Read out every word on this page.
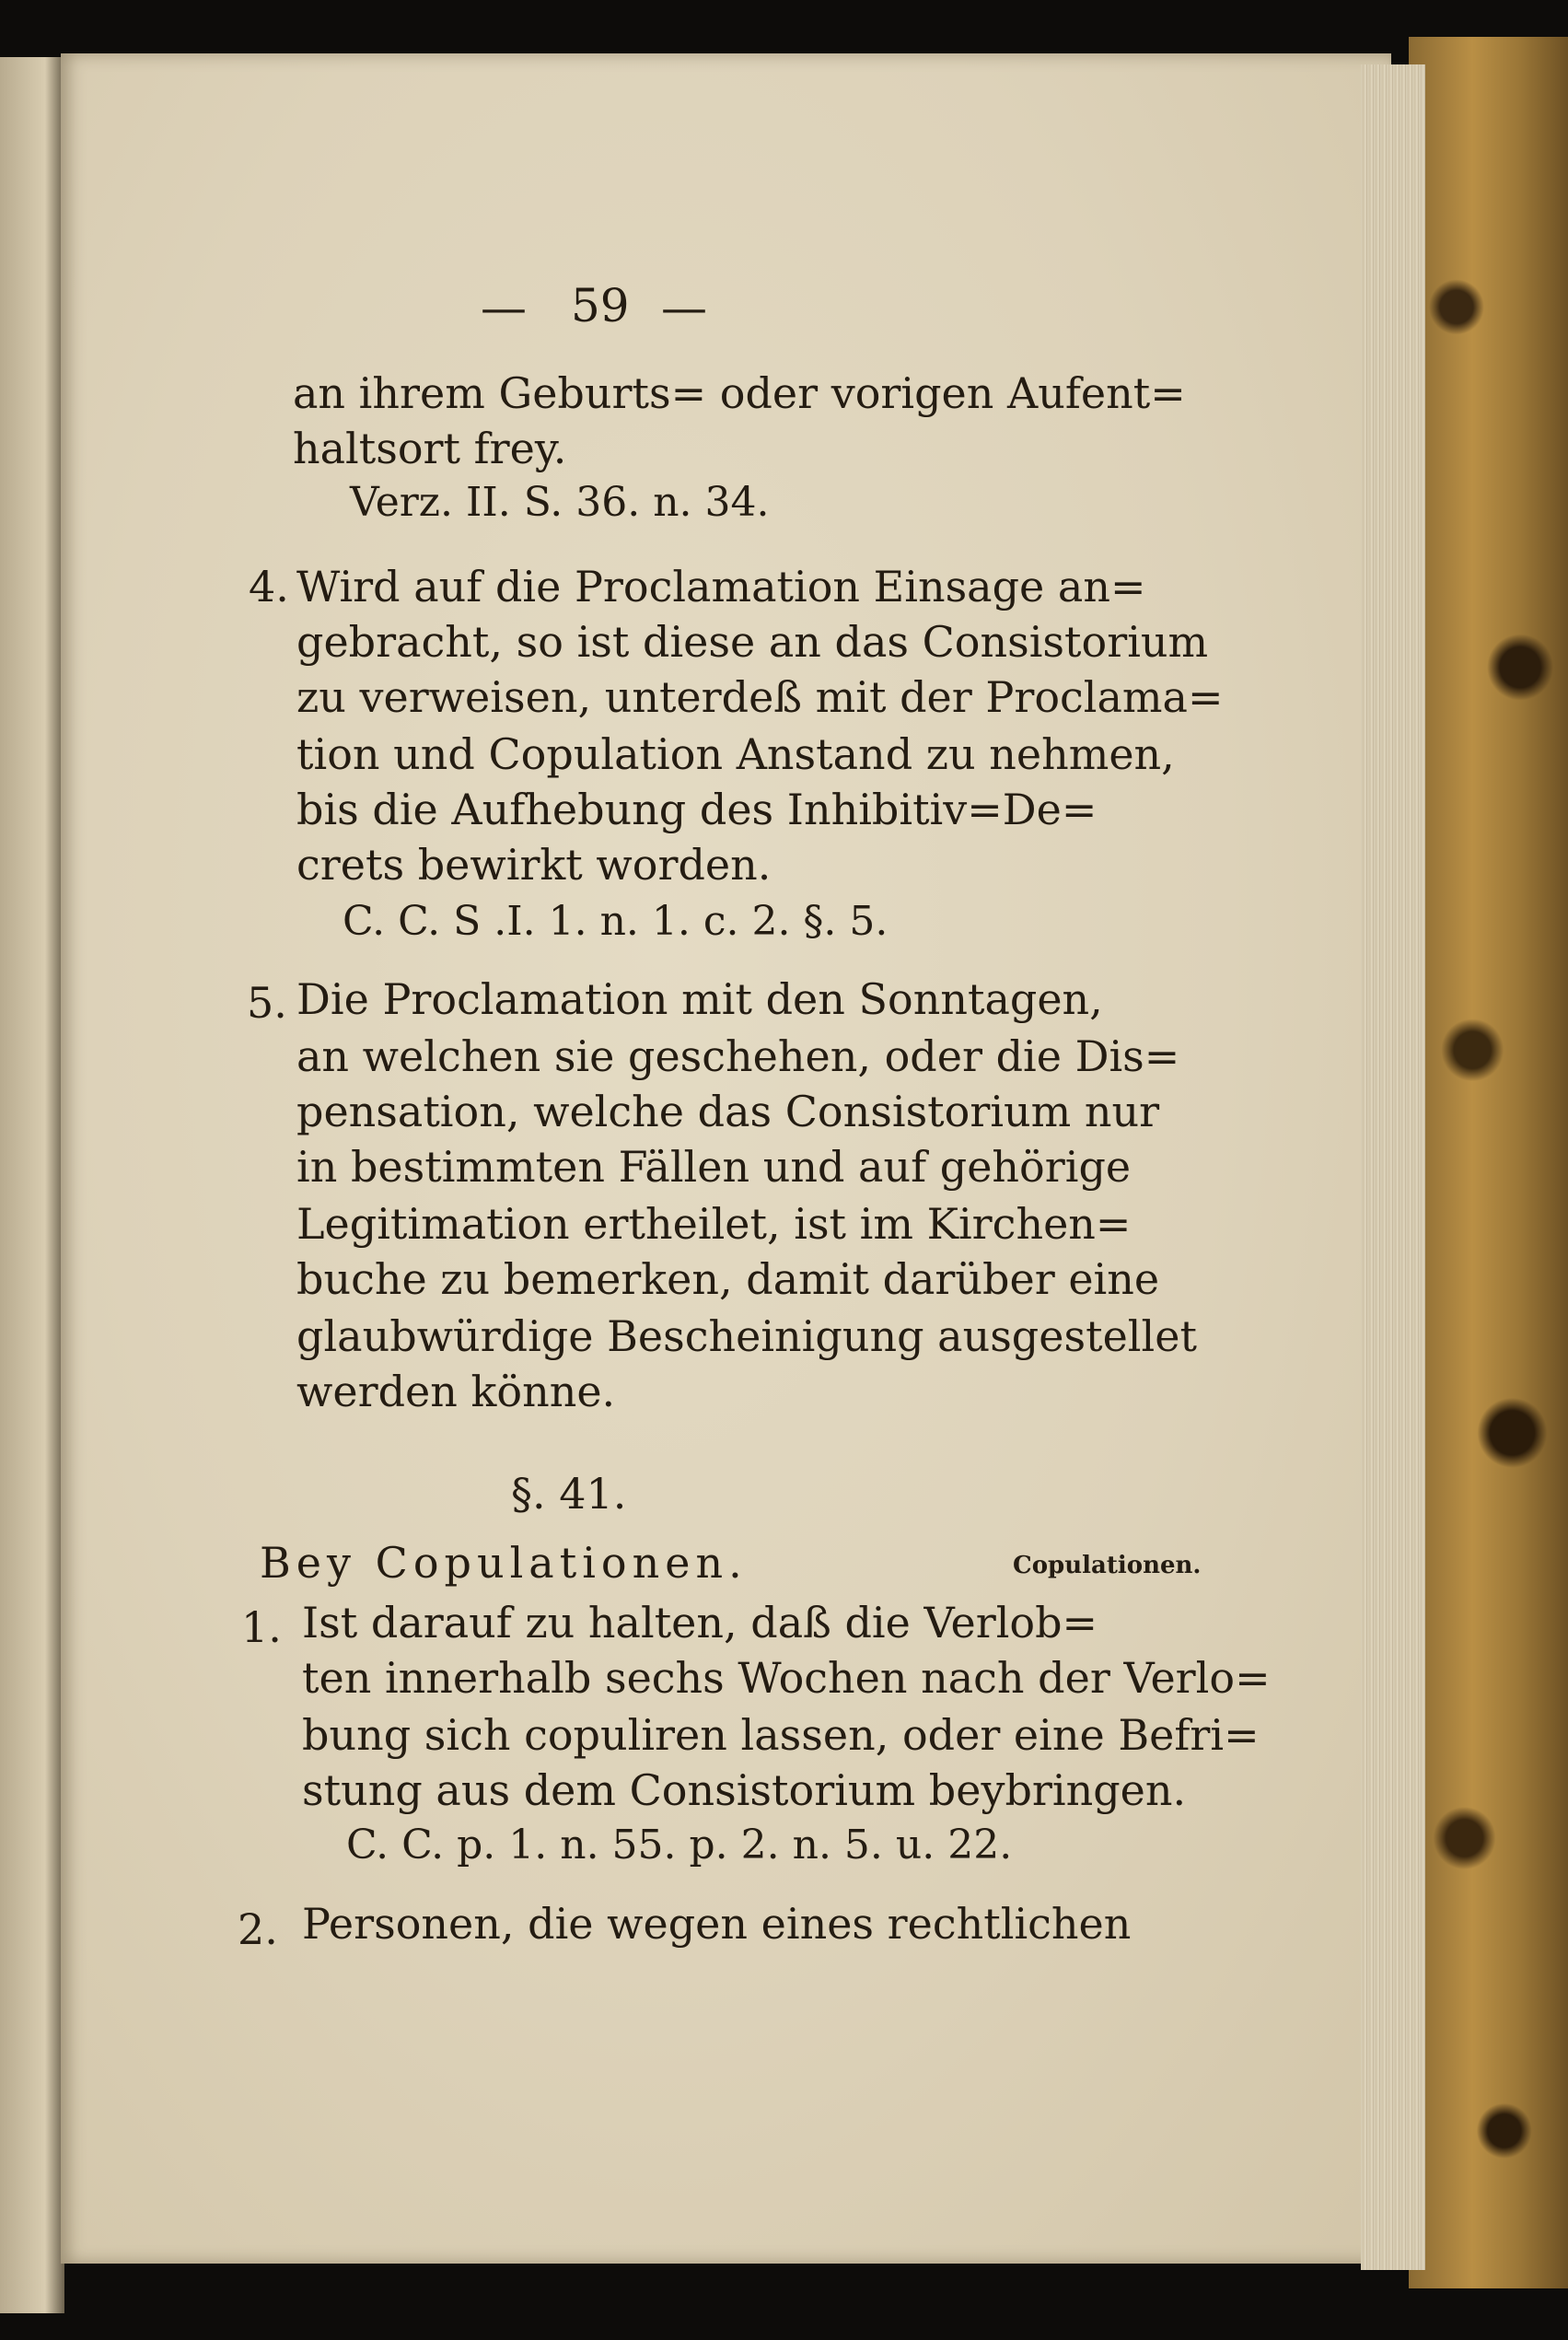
— 59 —
an ihrem Geburts= oder vorigen Aufent=
haltsort frey.
Verz. II. S. 36. n. 34.
4. Wird auf die Proclamation Einsage an=
gebracht, so ist diese an das Consistorium
zu verweisen, unterdeß mit der Proclama=
tion und Copulation Anstand zu nehmen,
bis die Aufhebung des Inhibitiv=De=
crets bewirkt worden.
C. C. S .I. 1. n. 1. c. 2. §. 5.
5. Die Proclamation mit den Sonntagen,
an welchen sie geschehen, oder die Dis=
pensation, welche das Consistorium nur
in bestimmten Fällen und auf gehörige
Legitimation ertheilet, ist im Kirchen=
buche zu bemerken, damit darüber eine
glaubwürdige Bescheinigung ausgestellet
werden könne.
§. 41.
Bey Copulationen.	Copulationen.
1. Ist darauf zu halten, daß die Verlob=
ten innerhalb sechs Wochen nach der Verlo=
bung sich copuliren lassen, oder eine Befri=
stung aus dem Consistorium beybringen.
C. C. p. 1. n. 55. p. 2. n. 5. u. 22.
2. Personen, die wegen eines rechtlichen
